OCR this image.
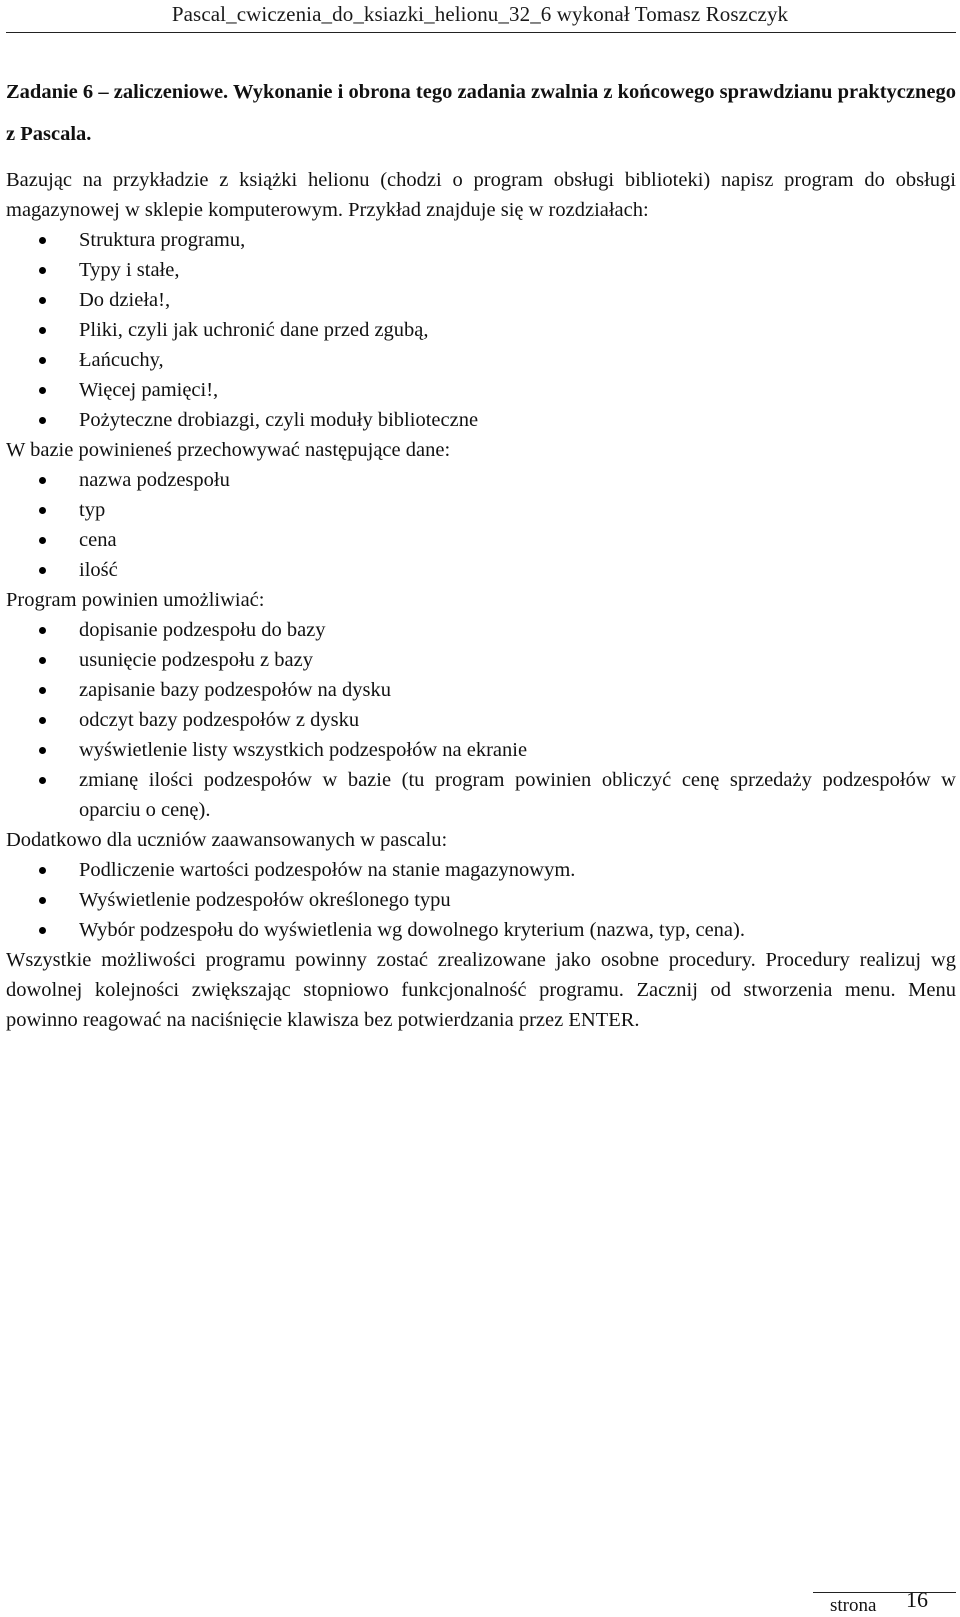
Pascal_cwiczenia_do_ksiazki_helionu_32_6 wykonał Tomasz Roszczyk

Zadanie 6 – zaliczeniowe. Wykonanie i obrona tego zadania zwalnia z końcowego sprawdzianu praktycznego z Pascala.

Bazując na przykładzie z książki helionu (chodzi o program obsługi biblioteki) napisz program do obsługi magazynowej w sklepie komputerowym. Przykład znajduje się w rozdziałach:

Struktura programu,
Typy i stałe,
Do dzieła!,
Pliki, czyli jak uchronić dane przed zgubą,
Łańcuchy,
Więcej pamięci!,
Pożyteczne drobiazgi, czyli moduły biblioteczne

W bazie powinieneś przechowywać następujące dane:

nazwa podzespołu
typ
cena
ilość

Program powinien umożliwiać:

dopisanie podzespołu do bazy
usunięcie podzespołu z bazy
zapisanie bazy podzespołów na dysku
odczyt bazy podzespołów z dysku
wyświetlenie listy wszystkich podzespołów na ekranie
zmianę ilości podzespołów w bazie (tu program powinien obliczyć cenę sprzedaży podzespołów w oparciu o cenę).

Dodatkowo dla uczniów zaawansowanych w pascalu:

Podliczenie wartości podzespołów na stanie magazynowym.
Wyświetlenie podzespołów określonego typu
Wybór podzespołu do wyświetlenia wg dowolnego kryterium (nazwa, typ, cena).

Wszystkie możliwości programu powinny zostać zrealizowane jako osobne procedury. Procedury realizuj wg dowolnej kolejności zwiększając stopniowo funkcjonalność programu. Zacznij od stworzenia menu. Menu powinno reagować na naciśnięcie klawisza bez potwierdzania przez ENTER.

strona 16
